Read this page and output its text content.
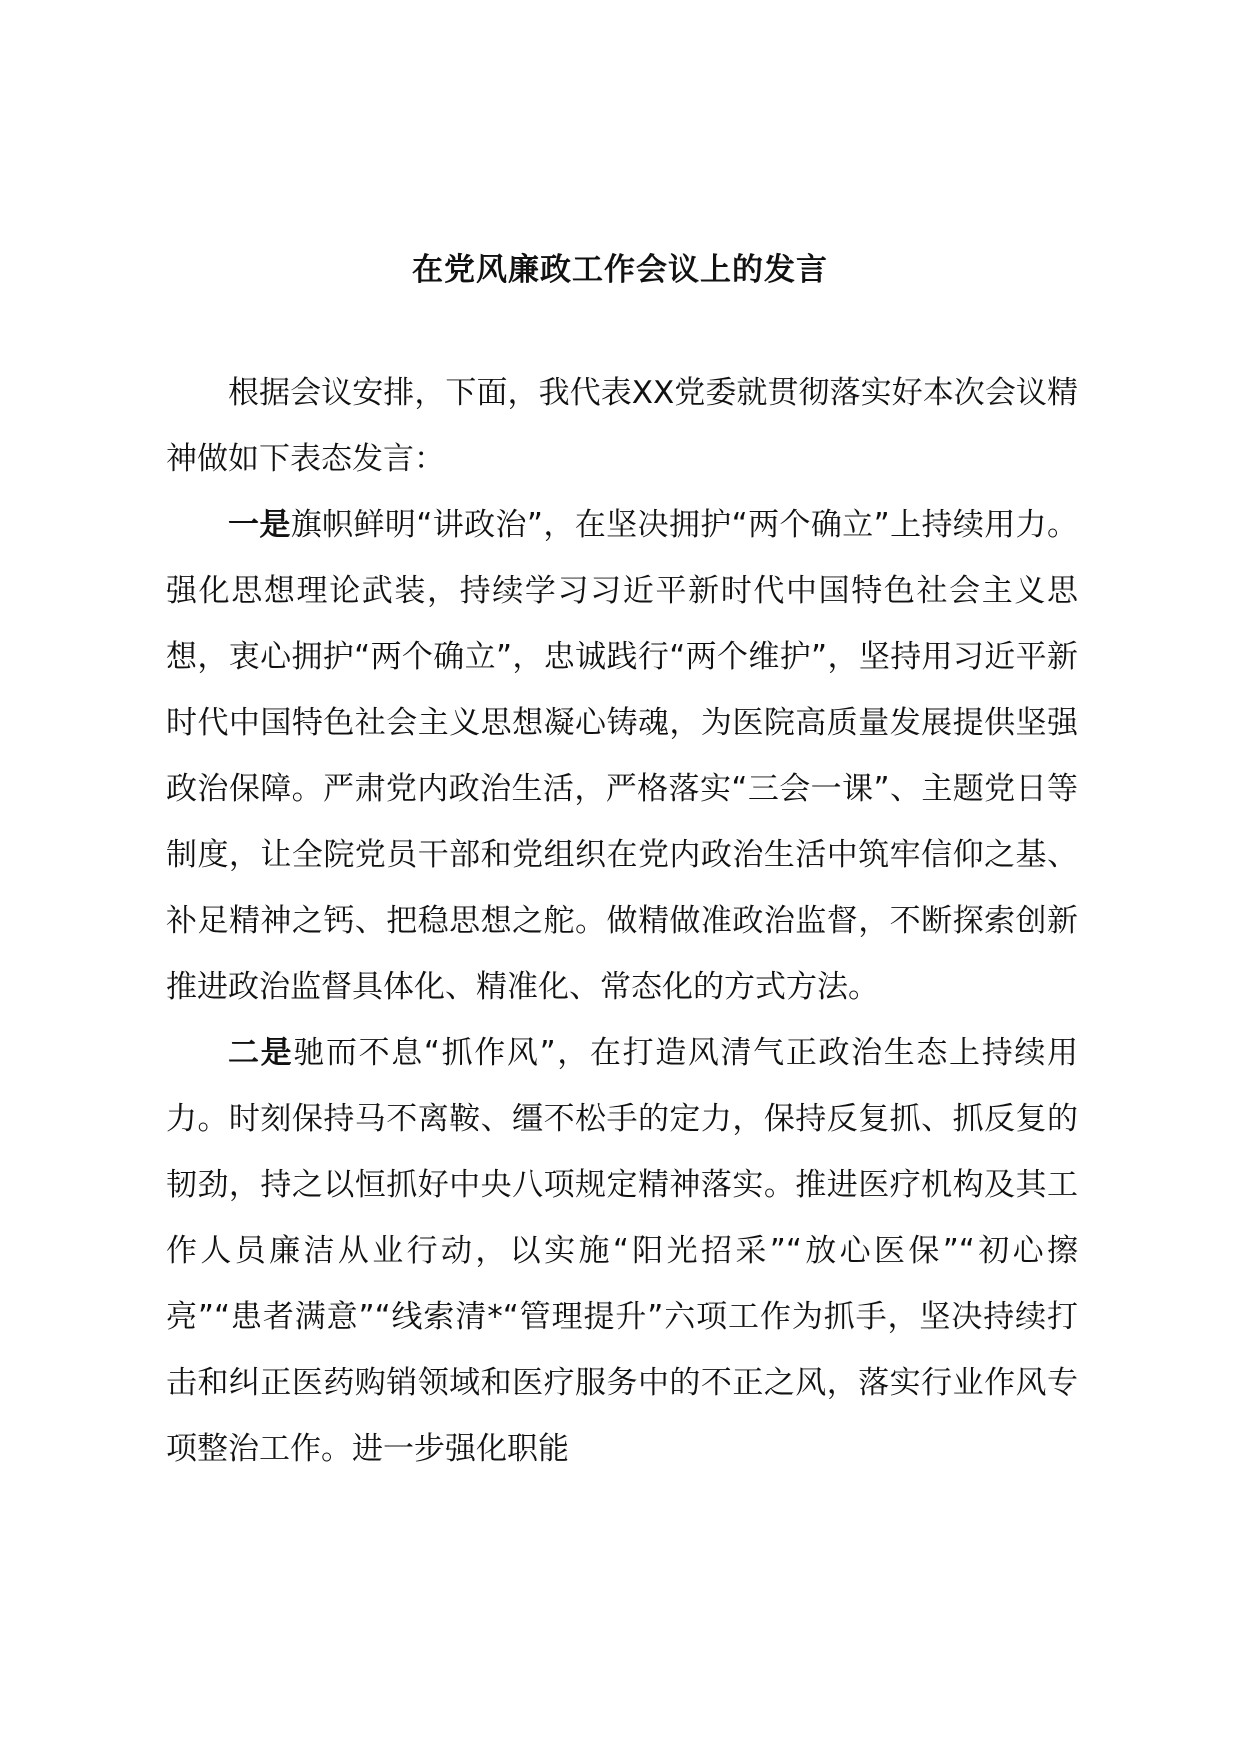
在党风廉政工作会议上的发言

根据会议安排，下面，我代表XX党委就贯彻落实好本次会议精神做如下表态发言：

一是旗帜鲜明“讲政治”，在坚决拥护“两个确立”上持续用力。强化思想理论武装，持续学习习近平新时代中国特色社会主义思想，衷心拥护“两个确立”，忠诚践行“两个维护”，坚持用习近平新时代中国特色社会主义思想凝心铸魂，为医院高质量发展提供坚强政治保障。严肃党内政治生活，严格落实“三会一课”、主题党日等制度，让全院党员干部和党组织在党内政治生活中筑牢信仰之基、补足精神之钙、把稳思想之舵。做精做准政治监督，不断探索创新推进政治监督具体化、精准化、常态化的方式方法。

二是驰而不息“抓作风”，在打造风清气正政治生态上持续用力。时刻保持马不离鞍、缰不松手的定力，保持反复抓、抓反复的韧劲，持之以恒抓好中央八项规定精神落实。推进医疗机构及其工作人员廉洁从业行动，以实施“阳光招采”“放心医保”“初心擦亮”“患者满意”“线索清*“管理提升”六项工作为抓手，坚决持续打击和纠正医药购销领域和医疗服务中的不正之风，落实行业作风专项整治工作。进一步强化职能
